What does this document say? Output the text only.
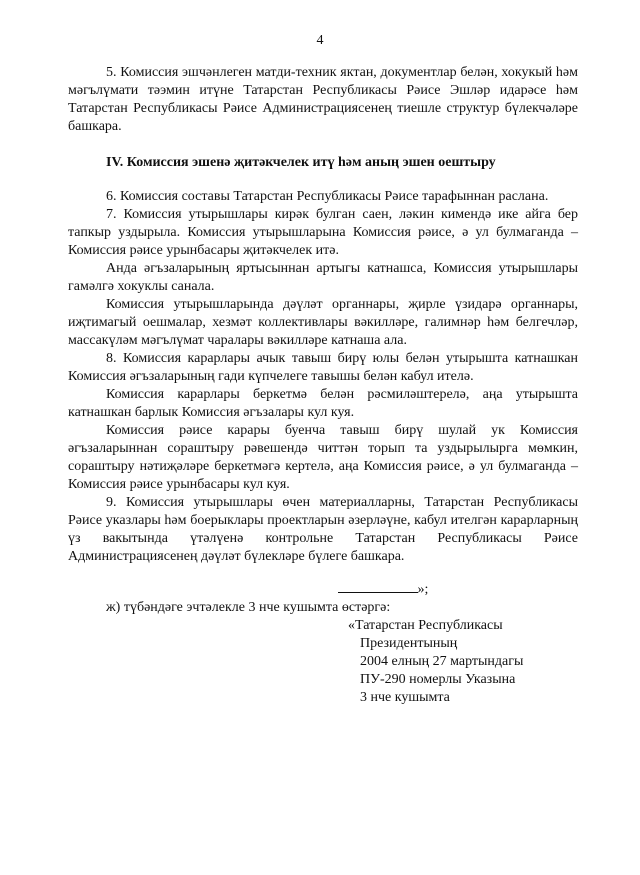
4

5. Комиссия эшчәнлеген матди-техник яктан, документлар белән, хокукый һәм мәгълүмати тәэмин итүне Татарстан Республикасы Рәисе Эшләр идарәсе һәм Татарстан Республикасы Рәисе Администрациясенең тиешле структур бүлекчәләре башкара.

IV. Комиссия эшенә җитәкчелек итү һәм аның эшен оештыру

6. Комиссия составы Татарстан Республикасы Рәисе тарафыннан раслана.

7. Комиссия утырышлары кирәк булган саен, ләкин кимендә ике айга бер тапкыр уздырыла. Комиссия утырышларына Комиссия рәисе, ә ул булмаганда – Комиссия рәисе урынбасары җитәкчелек итә.

Анда әгъзаларының яртысыннан артыгы катнашса, Комиссия утырышлары гамәлгә хокуклы санала.

Комиссия утырышларында дәүләт органнары, җирле үзидарә органнары, иҗтимагый оешмалар, хезмәт коллективлары вәкилләре, галимнәр һәм белгечләр, массакүләм мәгълүмат чаралары вәкилләре катнаша ала.

8. Комиссия карарлары ачык тавыш бирү юлы белән утырышта катнашкан Комиссия әгъзаларының гади күпчелеге тавышы белән кабул ителә.

Комиссия карарлары беркетмә белән рәсмиләштерелә, аңа утырышта катнашкан барлык Комиссия әгъзалары кул куя.

Комиссия рәисе карары буенча тавыш бирү шулай ук Комиссия әгъзаларыннан сораштыру рәвешендә читтән торып та уздырылырга мөмкин, сораштыру нәтиҗәләре беркетмәгә кертелә, аңа Комиссия рәисе, ә ул булмаганда – Комиссия рәисе урынбасары кул куя.

9. Комиссия утырышлары өчен материалларны, Татарстан Республикасы Рәисе указлары һәм боерыклары проектларын әзерләүне, кабул ителгән карарларның үз вакытында үтәлүенә контрольне Татарстан Республикасы Рәисе Администрациясенең дәүләт бүлекләре бүлеге башкара.

»;

ж) түбәндәге эчтәлекле 3 нче кушымта өстәргә:

«Татарстан Республикасы
Президентының
2004 елның 27 мартындагы
ПУ-290 номерлы Указына
3 нче кушымта
